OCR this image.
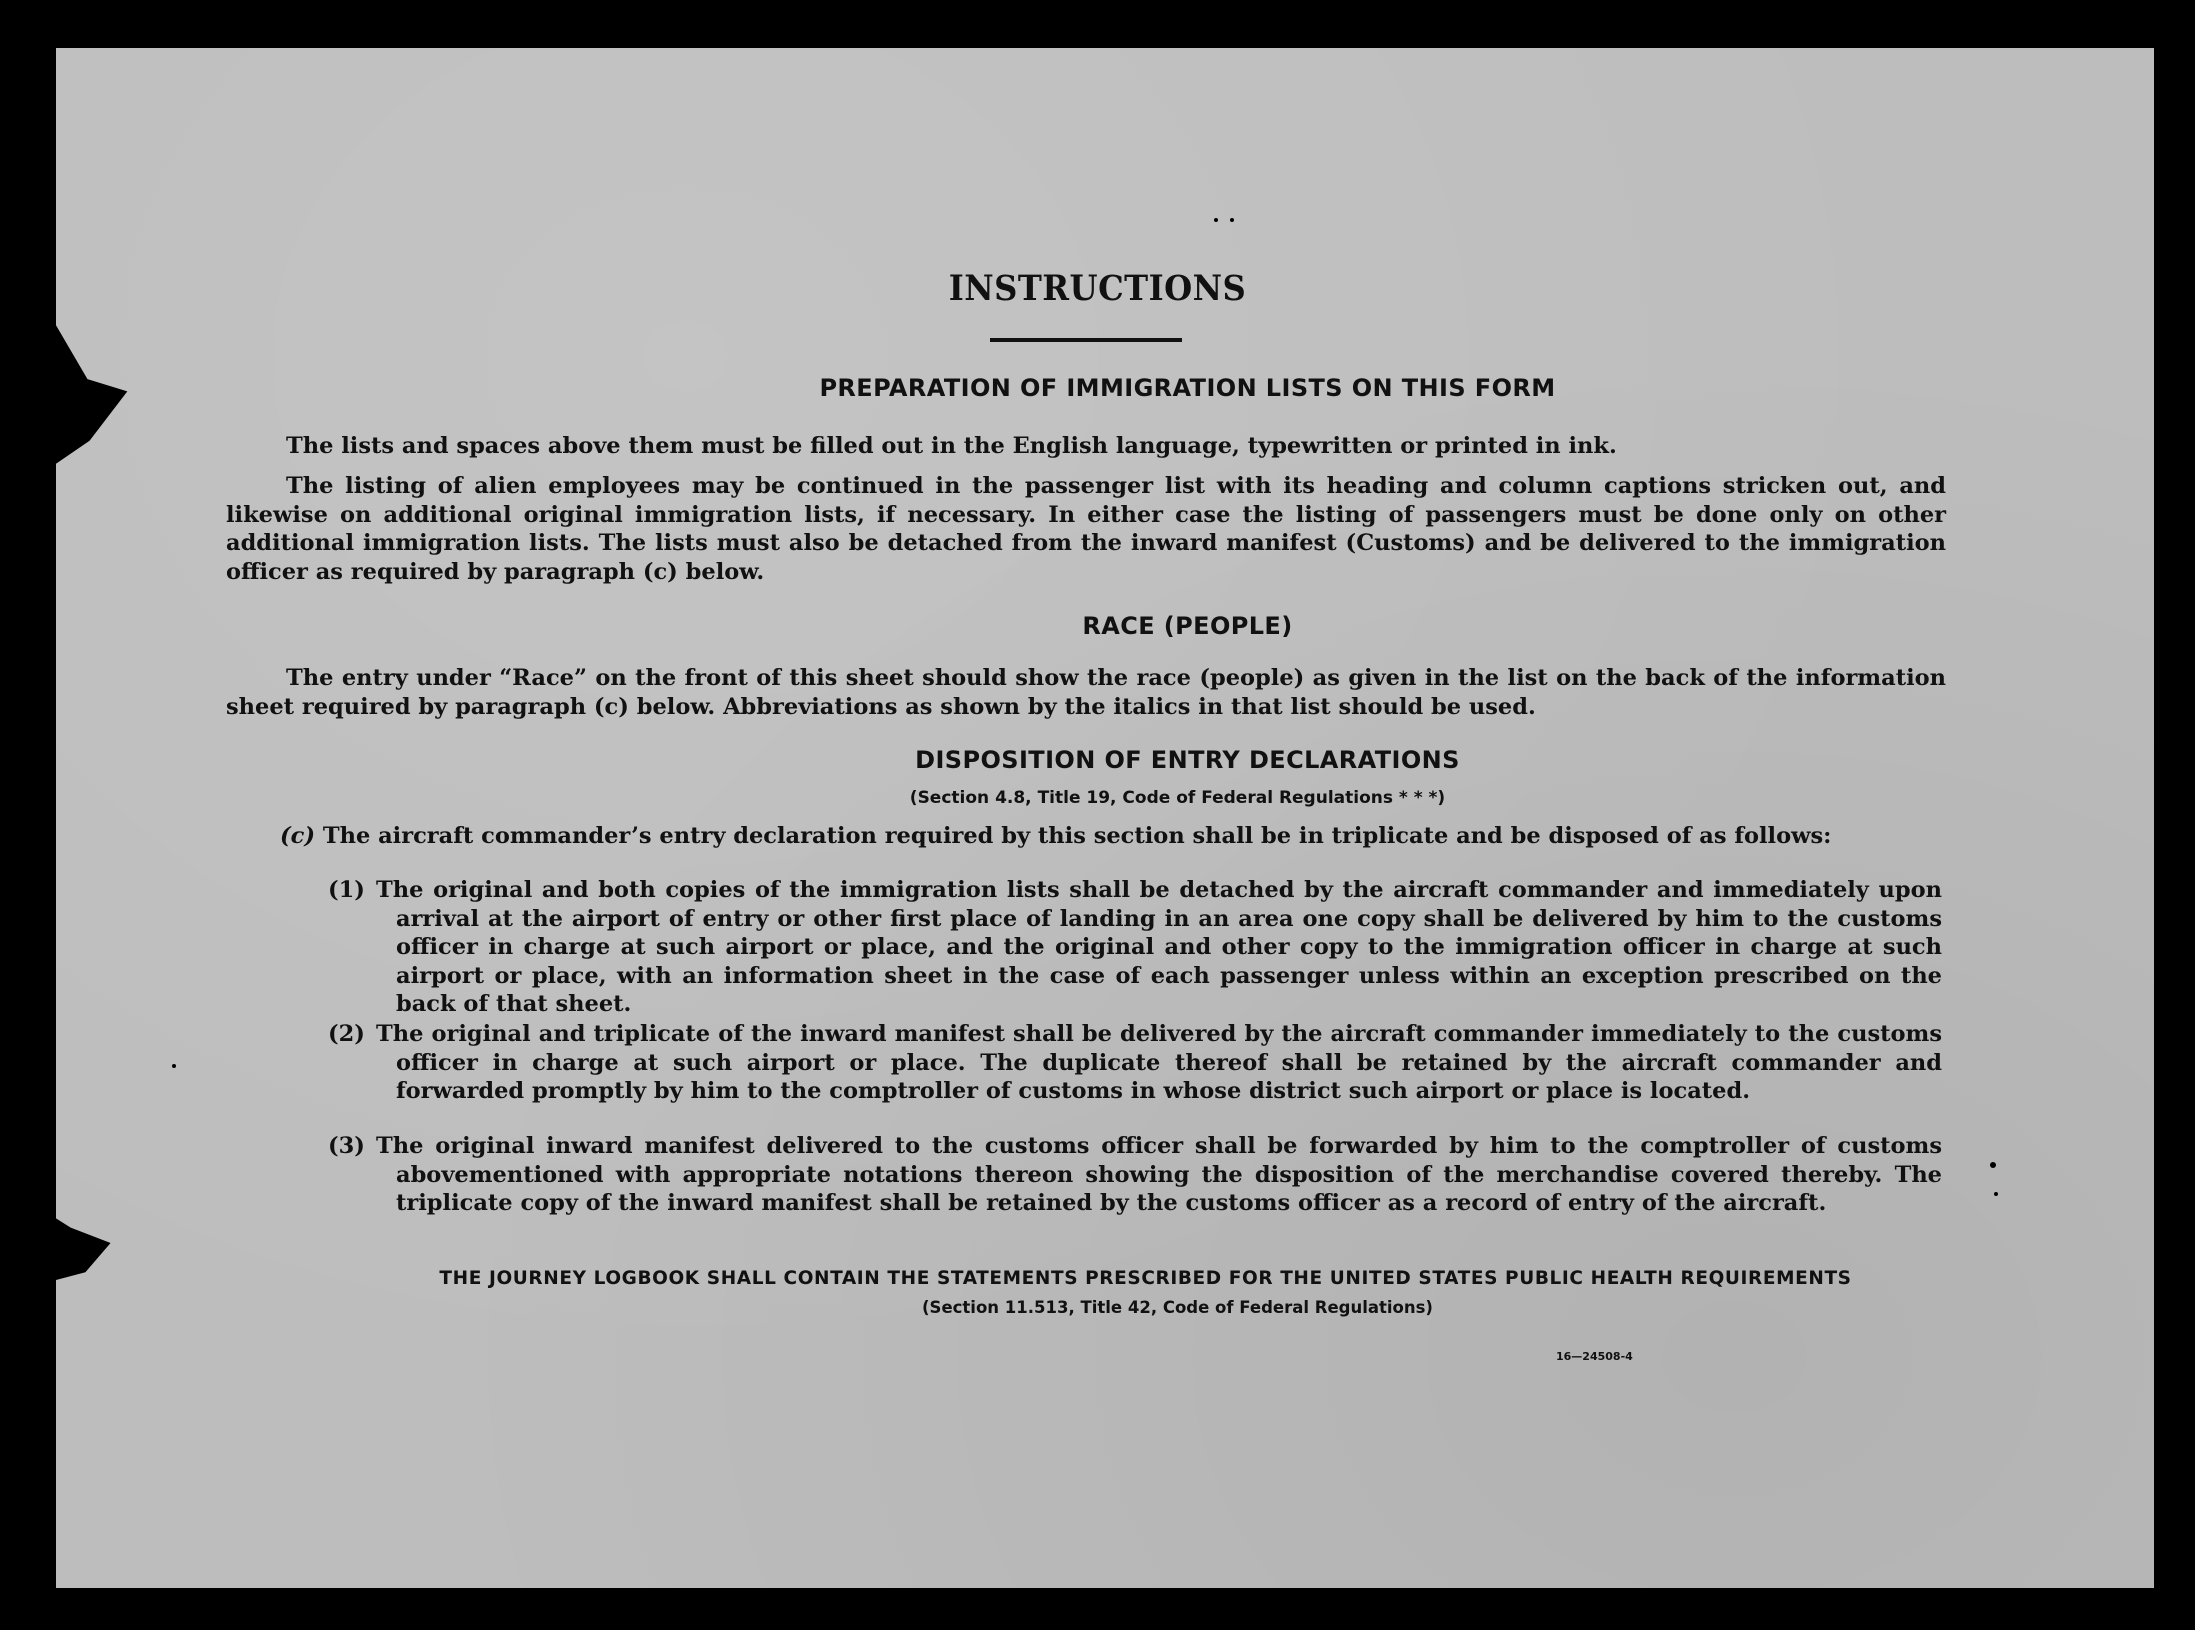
INSTRUCTIONS
PREPARATION OF IMMIGRATION LISTS ON THIS FORM
The lists and spaces above them must be filled out in the English language, typewritten or printed in ink.
The listing of alien employees may be continued in the passenger list with its heading and column captions stricken out, and likewise on additional original immigration lists, if necessary. In either case the listing of passengers must be done only on other additional immigration lists. The lists must also be detached from the inward manifest (Customs) and be delivered to the immigration officer as required by paragraph (c) below.
RACE (PEOPLE)
The entry under “Race” on the front of this sheet should show the race (people) as given in the list on the back of the information sheet required by paragraph (c) below. Abbreviations as shown by the italics in that list should be used.
DISPOSITION OF ENTRY DECLARATIONS
(Section 4.8, Title 19, Code of Federal Regulations * * *)
(c) The aircraft commander’s entry declaration required by this section shall be in triplicate and be disposed of as follows:
(1) The original and both copies of the immigration lists shall be detached by the aircraft commander and immediately upon arrival at the airport of entry or other first place of landing in an area one copy shall be delivered by him to the customs officer in charge at such airport or place, and the original and other copy to the immigration officer in charge at such airport or place, with an information sheet in the case of each passenger unless within an exception prescribed on the back of that sheet.
(2) The original and triplicate of the inward manifest shall be delivered by the aircraft commander immediately to the customs officer in charge at such airport or place. The duplicate thereof shall be retained by the aircraft commander and forwarded promptly by him to the comptroller of customs in whose district such airport or place is located.
(3) The original inward manifest delivered to the customs officer shall be forwarded by him to the comptroller of customs abovementioned with appropriate notations thereon showing the disposition of the merchandise covered thereby. The triplicate copy of the inward manifest shall be retained by the customs officer as a record of entry of the aircraft.
THE JOURNEY LOGBOOK SHALL CONTAIN THE STATEMENTS PRESCRIBED FOR THE UNITED STATES PUBLIC HEALTH REQUIREMENTS
(Section 11.513, Title 42, Code of Federal Regulations)
16—24508-4
